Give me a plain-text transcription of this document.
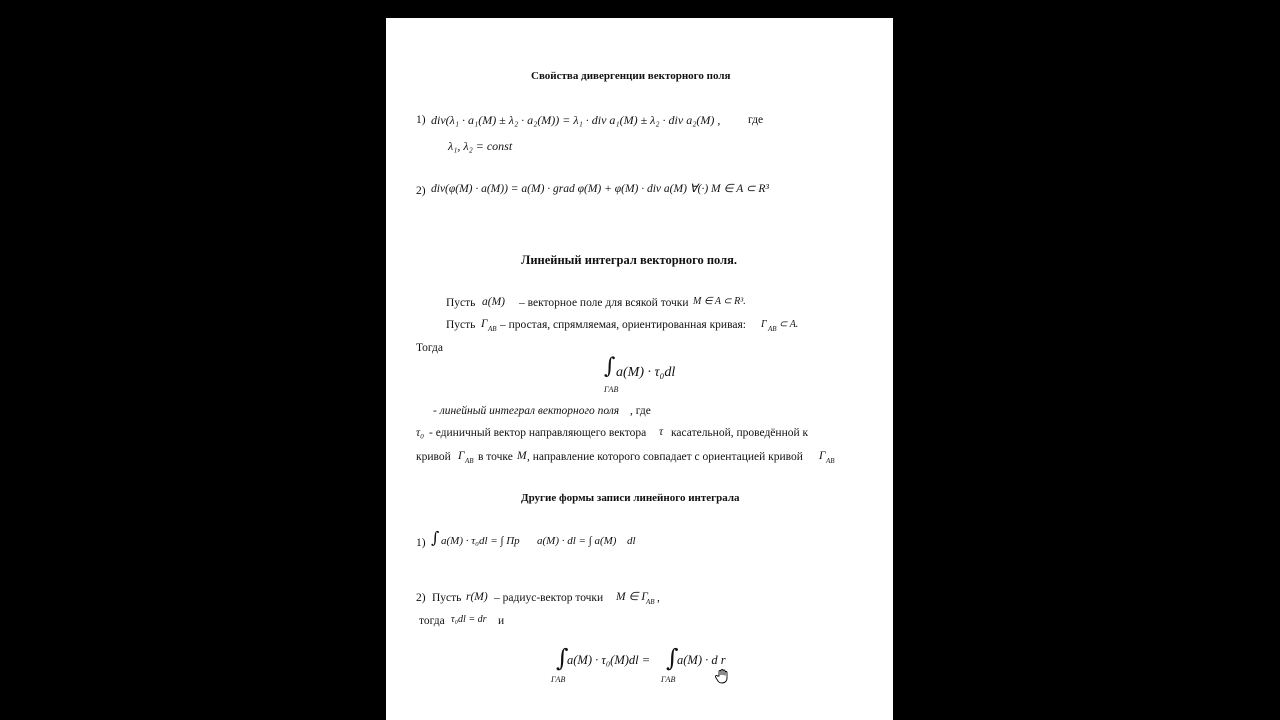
Свойства дивергенции векторного поля
1) div(λ₁ · a₁(M) ± λ₂ · a₂(M)) = λ₁ · div a₁(M) ± λ₂ · div a₂(M) , где
λ₁, λ₂ = const
2) div(φ(M) · a(M)) = a(M) · grad φ(M) + φ(M) · div a(M) ∀(·) M ∈ A ⊂ R³
Линейный интеграл векторного поля.
Пусть a(M) – векторное поле для всякой точки M ∈ A ⊂ R³.
Пусть Γ AB – простая, спрямляемая, ориентированная кривая: Γ AB ⊂ A.
Тогда
∫ a(M) · τ₀dl
ΓAB
- линейный интеграл векторного поля , где
τ₀ - единичный вектор направляющего вектора τ касательной, проведённой к
кривой Γ AB в точке M , направление которого совпадает с ориентацией кривой Γ AB
Другие формы записи линейного интеграла
1) ∫ a(M) · τ₀dl = ∫ Пр a(M) · dl = ∫ a(M) dl
2) Пусть r(M) – радиус-вектор точки M ∈ Γ
AB ,
тогда τ₀dl = dr и
∫
ΓAB
a(M) · τ₀(M)dl = ∫
ΓAB
a(M) · d r
